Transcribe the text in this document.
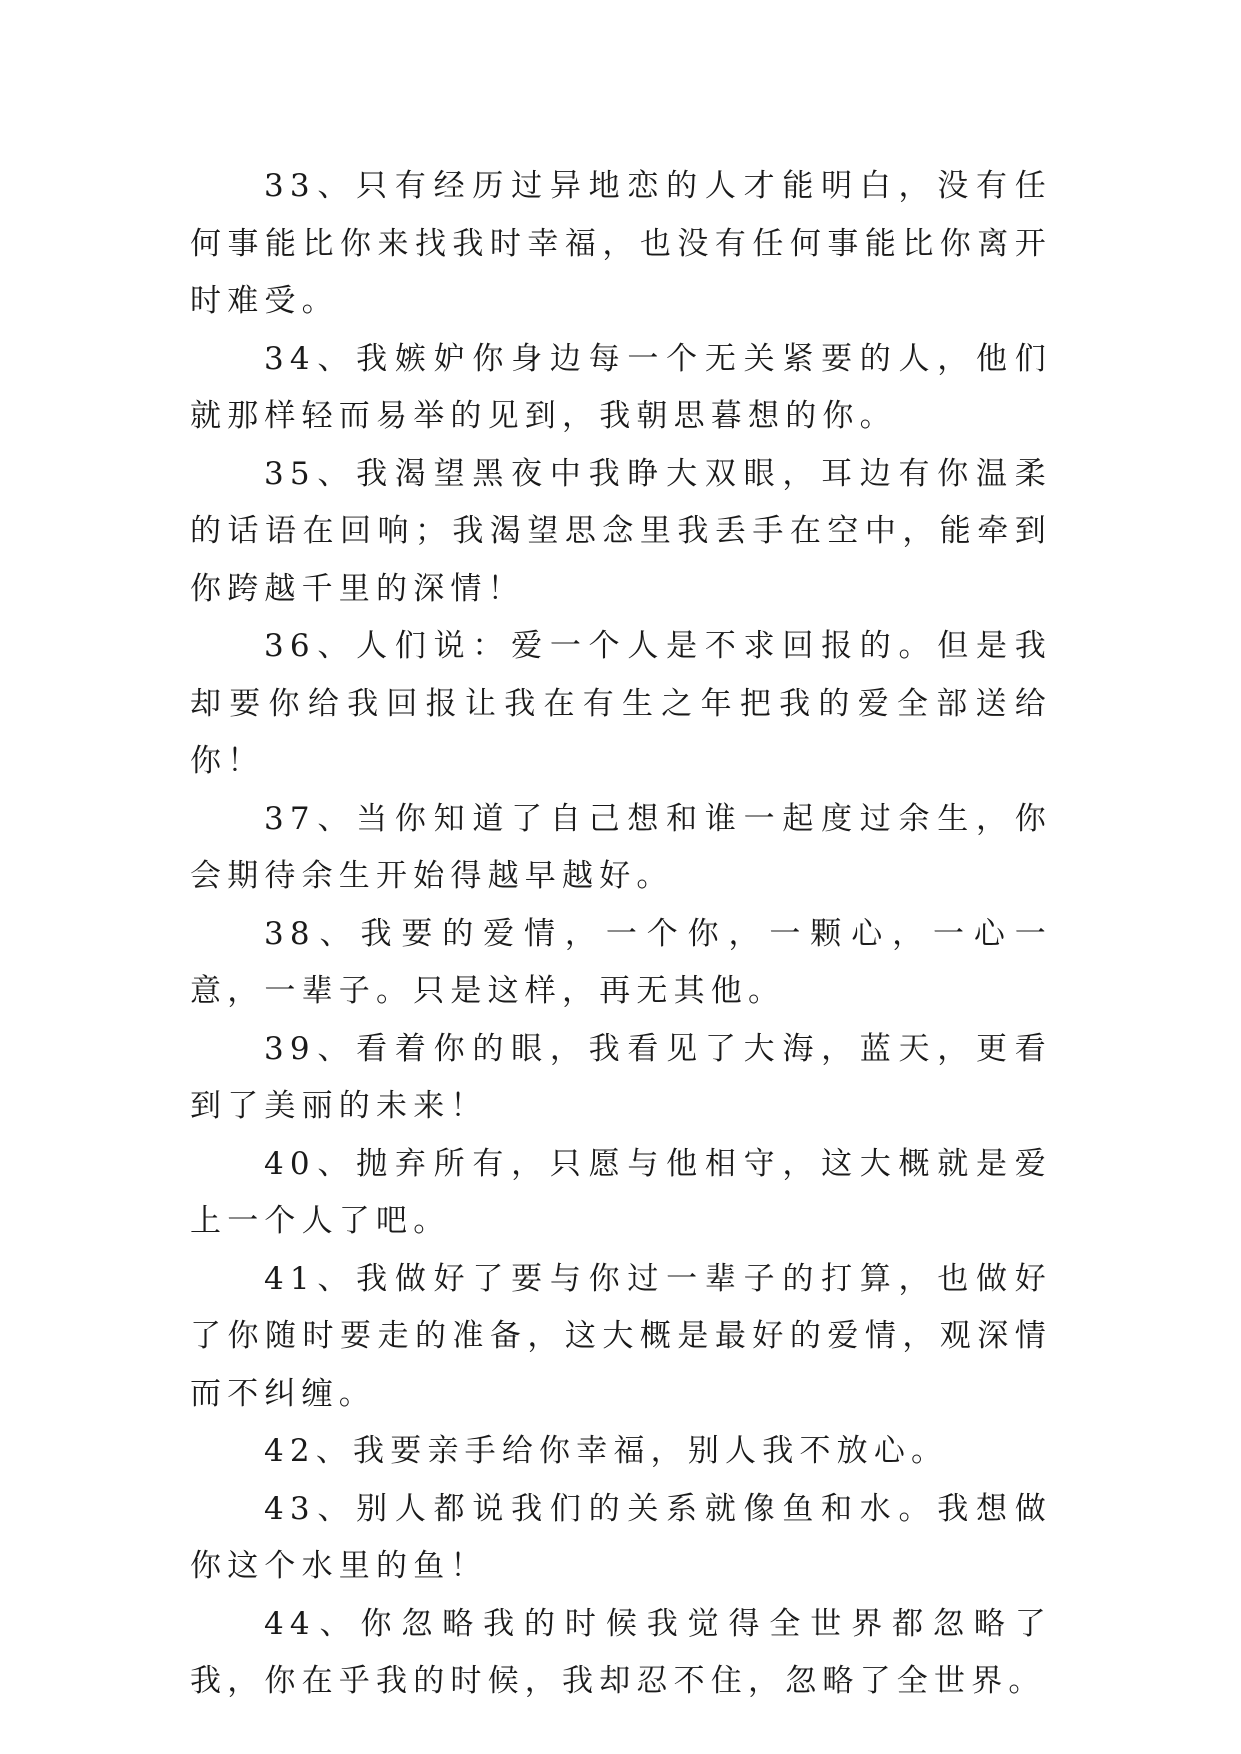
33、只有经历过异地恋的人才能明白，没有任何事能比你来找我时幸福，也没有任何事能比你离开时难受。

34、我嫉妒你身边每一个无关紧要的人，他们就那样轻而易举的见到，我朝思暮想的你。

35、我渴望黑夜中我睁大双眼，耳边有你温柔的话语在回响；我渴望思念里我丢手在空中，能牵到你跨越千里的深情！

36、人们说：爱一个人是不求回报的。但是我却要你给我回报让我在有生之年把我的爱全部送给你！

37、当你知道了自己想和谁一起度过余生，你会期待余生开始得越早越好。

38、我要的爱情，一个你，一颗心，一心一意，一辈子。只是这样，再无其他。

39、看着你的眼，我看见了大海，蓝天，更看到了美丽的未来！

40、抛弃所有，只愿与他相守，这大概就是爱上一个人了吧。

41、我做好了要与你过一辈子的打算，也做好了你随时要走的准备，这大概是最好的爱情，观深情而不纠缠。

42、我要亲手给你幸福，别人我不放心。

43、别人都说我们的关系就像鱼和水。我想做你这个水里的鱼！

44、你忽略我的时候我觉得全世界都忽略了我，你在乎我的时候，我却忍不住，忽略了全世界。
